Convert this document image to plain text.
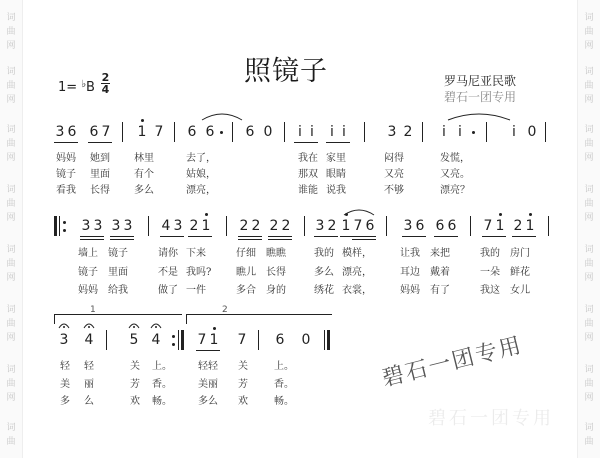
词
曲
网
词
曲
网
词
曲
网
词
曲
网
词
曲
网
词
曲
网
词
曲
网
词
曲
词
曲
网
词
曲
网
词
曲
网
词
曲
网
词
曲
网
词
曲
网
词
曲
网
词
曲
照镜子
1= ♭B
2
4
罗马尼亚民歌
碧石一团专用
3 6 6 7 1 7 6 6 6 0 i i i i	3 2 i i	i 0
妈妈 她到 林里	去了，	我在 家里	闷得	发慌，
镜子 里面 有个	姑娘，	那双 眼睛	又亮	又亮。
看我 长得 多么	漂亮，	谁能 说我	不够	漂亮？
3 3 3 3 4 3 2 1 2 2 2 2 3 2 1 7 6 3 6 6 6 7 1 2 1
墙上 镜子	请你 下来	仔细 瞧瞧	我的 模样，	让我 来把	我的 房门
镜子 里面	不是 我吗? 瞧儿 长得	多么 漂亮，	耳边 戴着	一朵 鲜花
妈妈 给我	做了 一件	多合 身的	绣花 衣裳，	妈妈 有了	我这 女儿
1	2
3 4	5 4	7 1 7 6 0
轻 轻	关 上。	轻轻 关	上。
美 丽	芳 香。	美丽 芳	香。
多 么	欢 畅。	多么 欢	畅。
碧石一团专用
碧石一团专用
